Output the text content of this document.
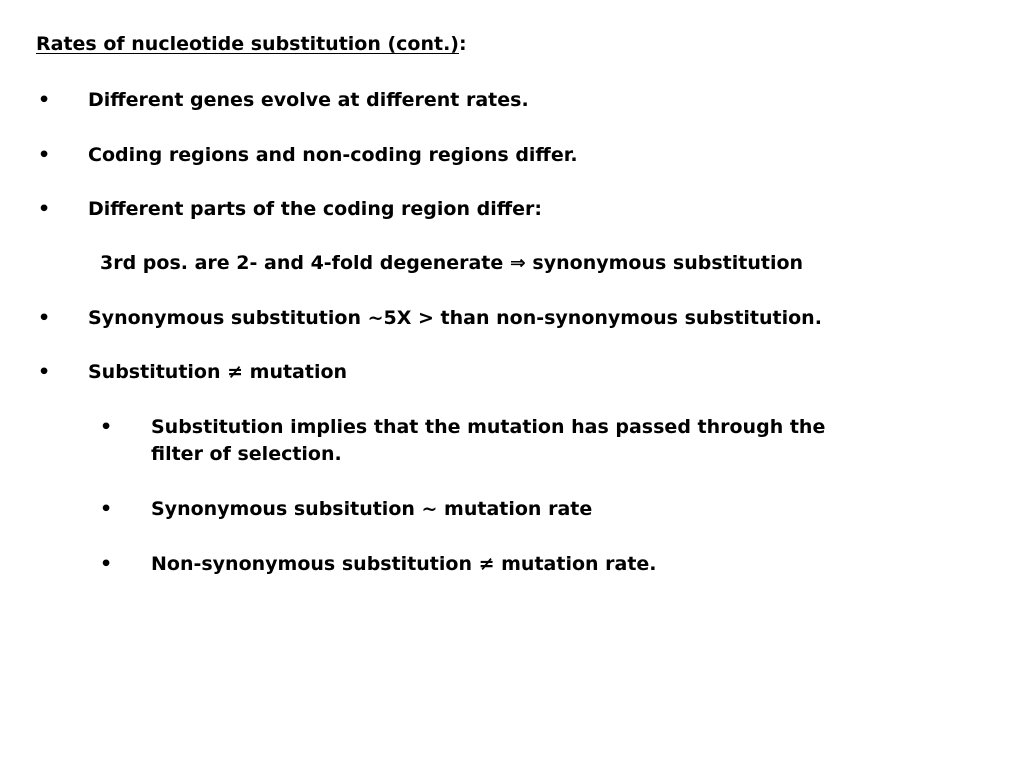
Rates of nucleotide substitution (cont.):
• Different genes evolve at different rates.
• Coding regions and non-coding regions differ.
• Different parts of the coding region differ:
3rd pos. are 2- and 4-fold degenerate ⇒ synonymous substitution
• Synonymous substitution ~5X > than non-synonymous substitution.
• Substitution ≠ mutation
• Substitution implies that the mutation has passed through the
filter of selection.
• Synonymous subsitution ~ mutation rate
• Non-synonymous substitution ≠ mutation rate.
